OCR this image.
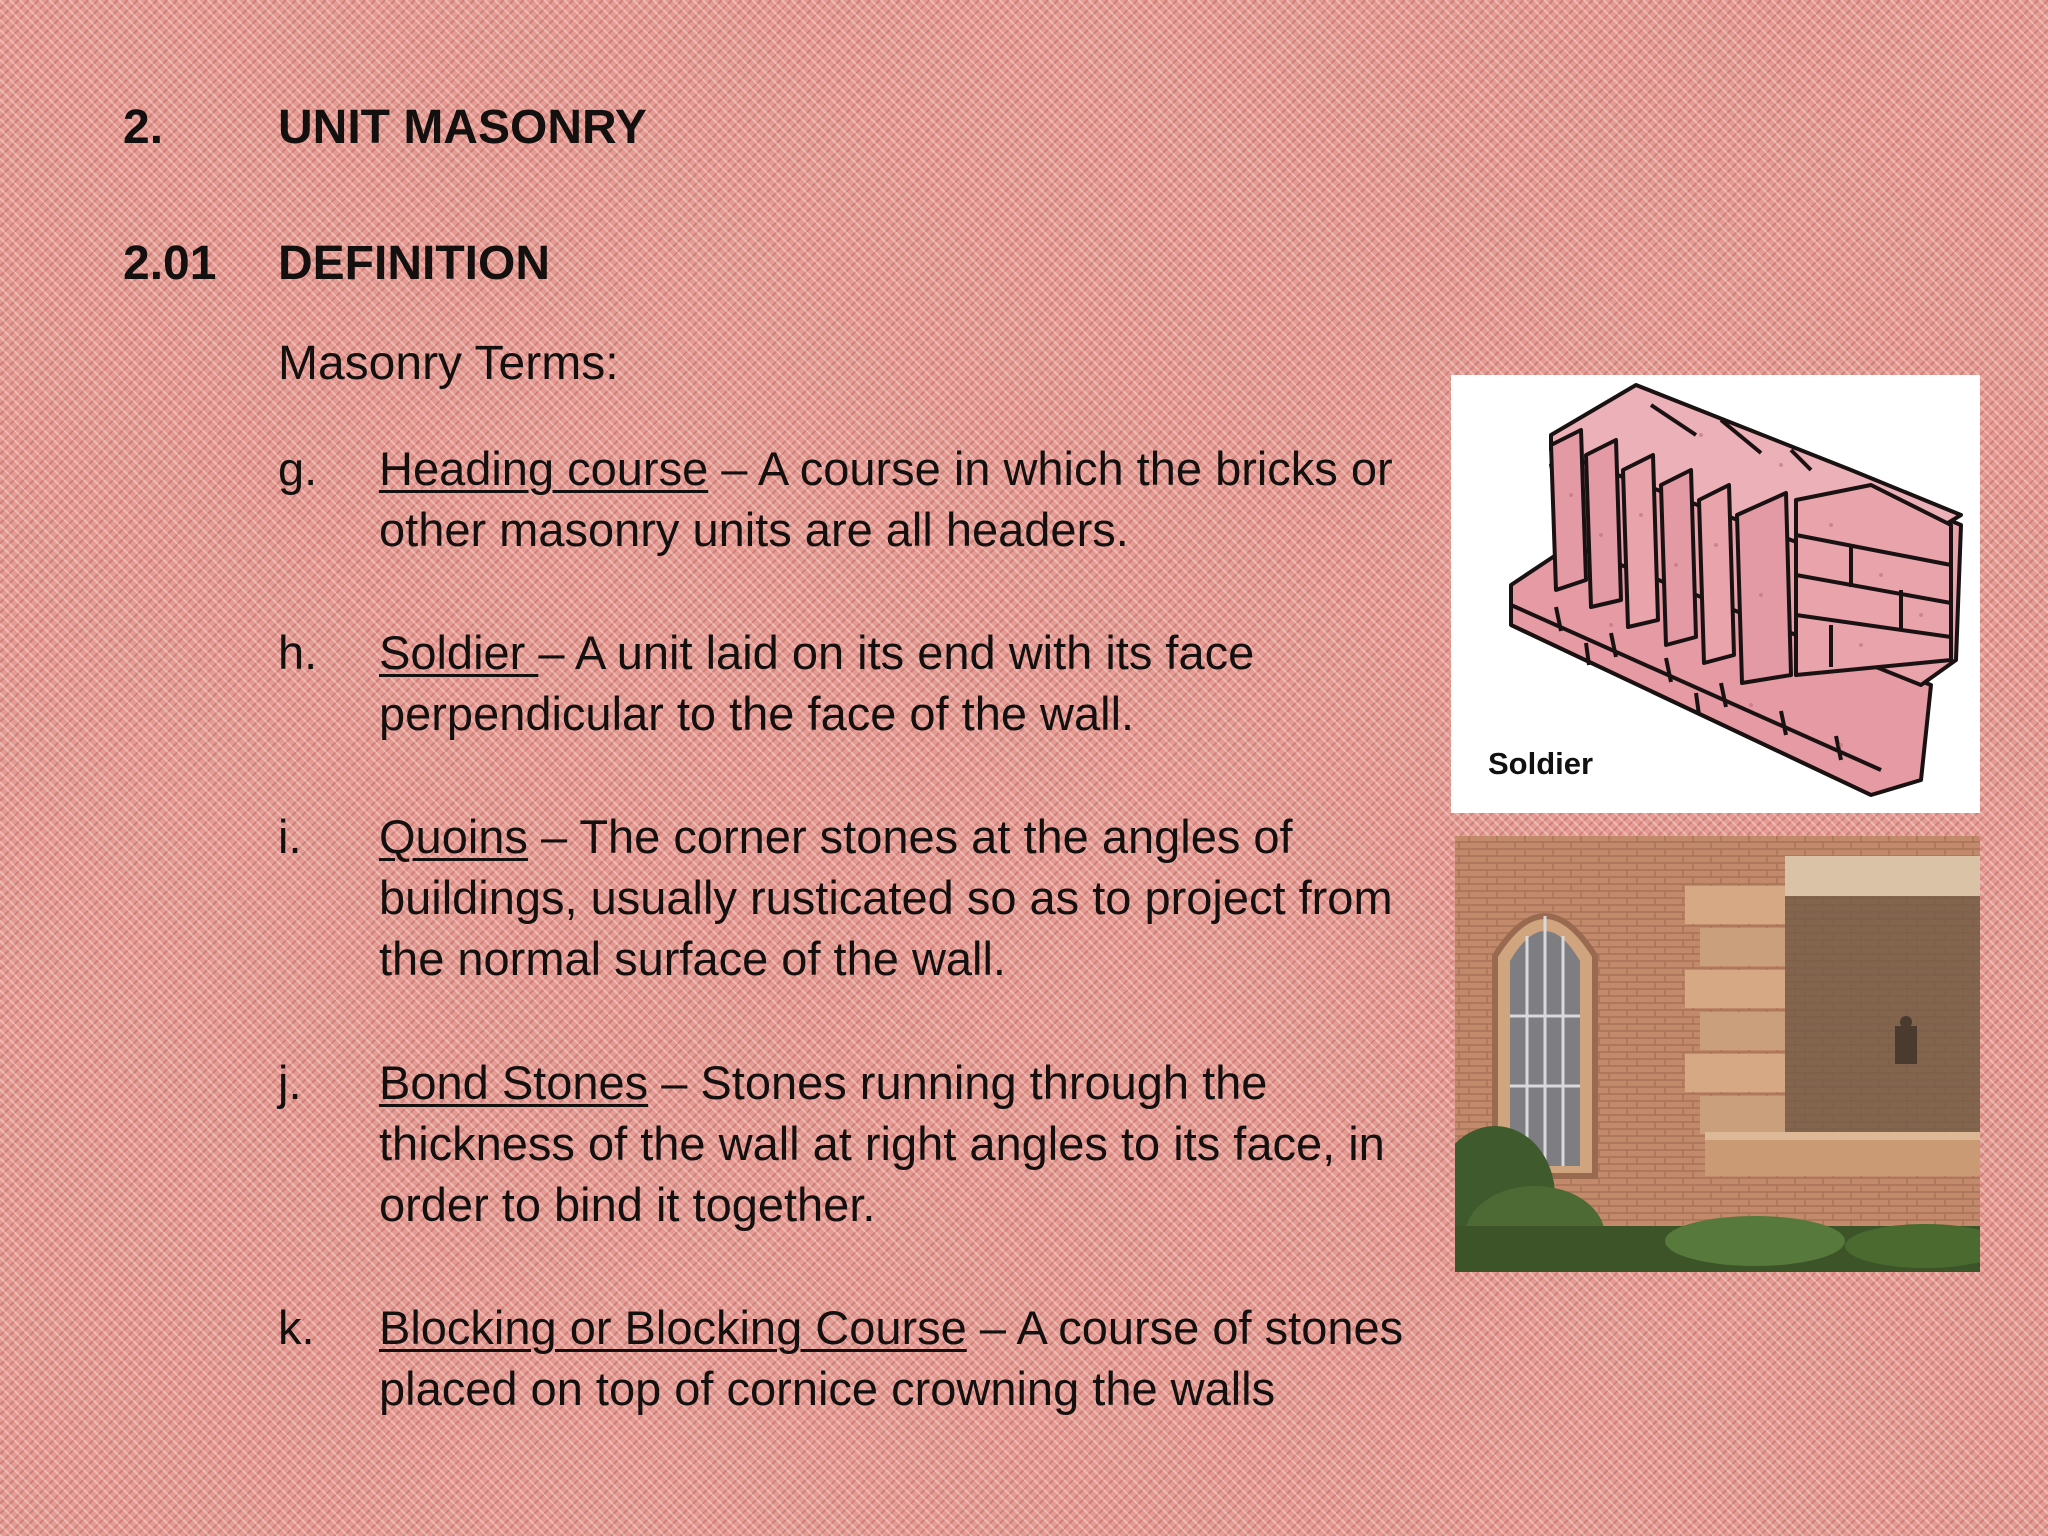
2. UNIT MASONRY
2.01 DEFINITION
Masonry Terms:
g. Heading course – A course in which the bricks or other masonry units are all headers.
h. Soldier – A unit laid on its end with its face perpendicular to the face of the wall.
i. Quoins – The corner stones at the angles of buildings, usually rusticated so as to project from the normal surface of the wall.
j. Bond Stones – Stones running through the thickness of the wall at right angles to its face, in order to bind it together.
k. Blocking or Blocking Course – A course of stones placed on top of cornice crowning the walls
Soldier
